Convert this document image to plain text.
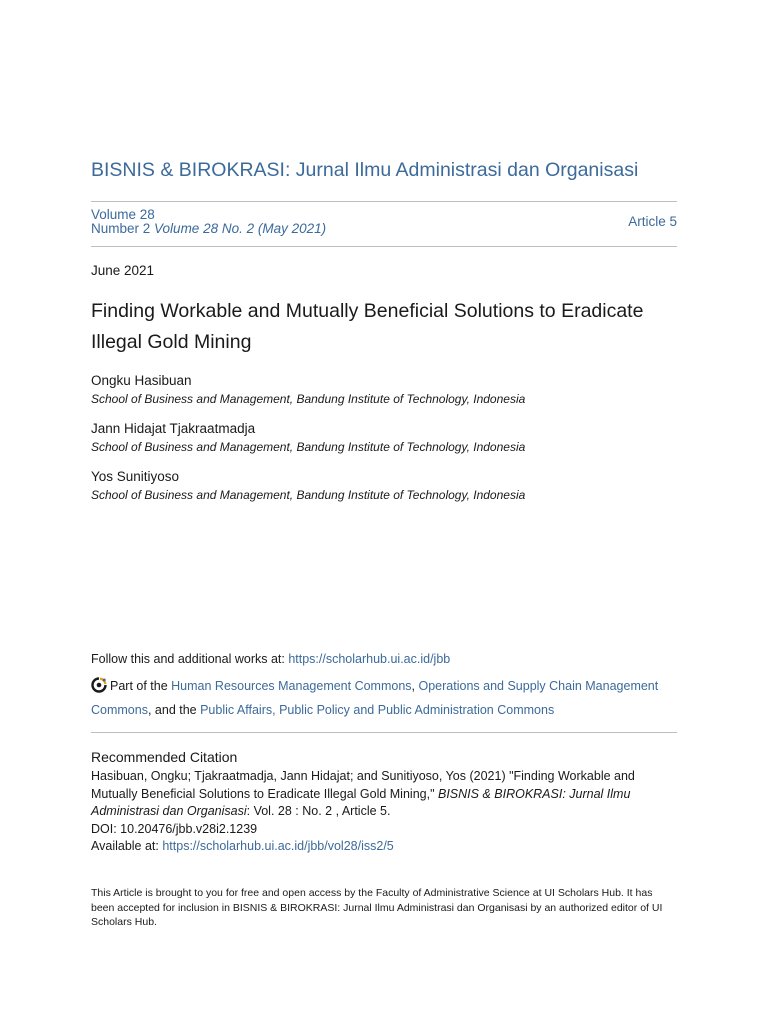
BISNIS & BIROKRASI: Jurnal Ilmu Administrasi dan Organisasi
Volume 28
Number 2 Volume 28 No. 2 (May 2021)	Article 5
June 2021
Finding Workable and Mutually Beneficial Solutions to Eradicate Illegal Gold Mining
Ongku Hasibuan
School of Business and Management, Bandung Institute of Technology, Indonesia
Jann Hidajat Tjakraatmadja
School of Business and Management, Bandung Institute of Technology, Indonesia
Yos Sunitiyoso
School of Business and Management, Bandung Institute of Technology, Indonesia
Follow this and additional works at: https://scholarhub.ui.ac.id/jbb
Part of the Human Resources Management Commons, Operations and Supply Chain Management Commons, and the Public Affairs, Public Policy and Public Administration Commons
Recommended Citation
Hasibuan, Ongku; Tjakraatmadja, Jann Hidajat; and Sunitiyoso, Yos (2021) "Finding Workable and Mutually Beneficial Solutions to Eradicate Illegal Gold Mining," BISNIS & BIROKRASI: Jurnal Ilmu Administrasi dan Organisasi: Vol. 28 : No. 2 , Article 5.
DOI: 10.20476/jbb.v28i2.1239
Available at: https://scholarhub.ui.ac.id/jbb/vol28/iss2/5
This Article is brought to you for free and open access by the Faculty of Administrative Science at UI Scholars Hub. It has been accepted for inclusion in BISNIS & BIROKRASI: Jurnal Ilmu Administrasi dan Organisasi by an authorized editor of UI Scholars Hub.
